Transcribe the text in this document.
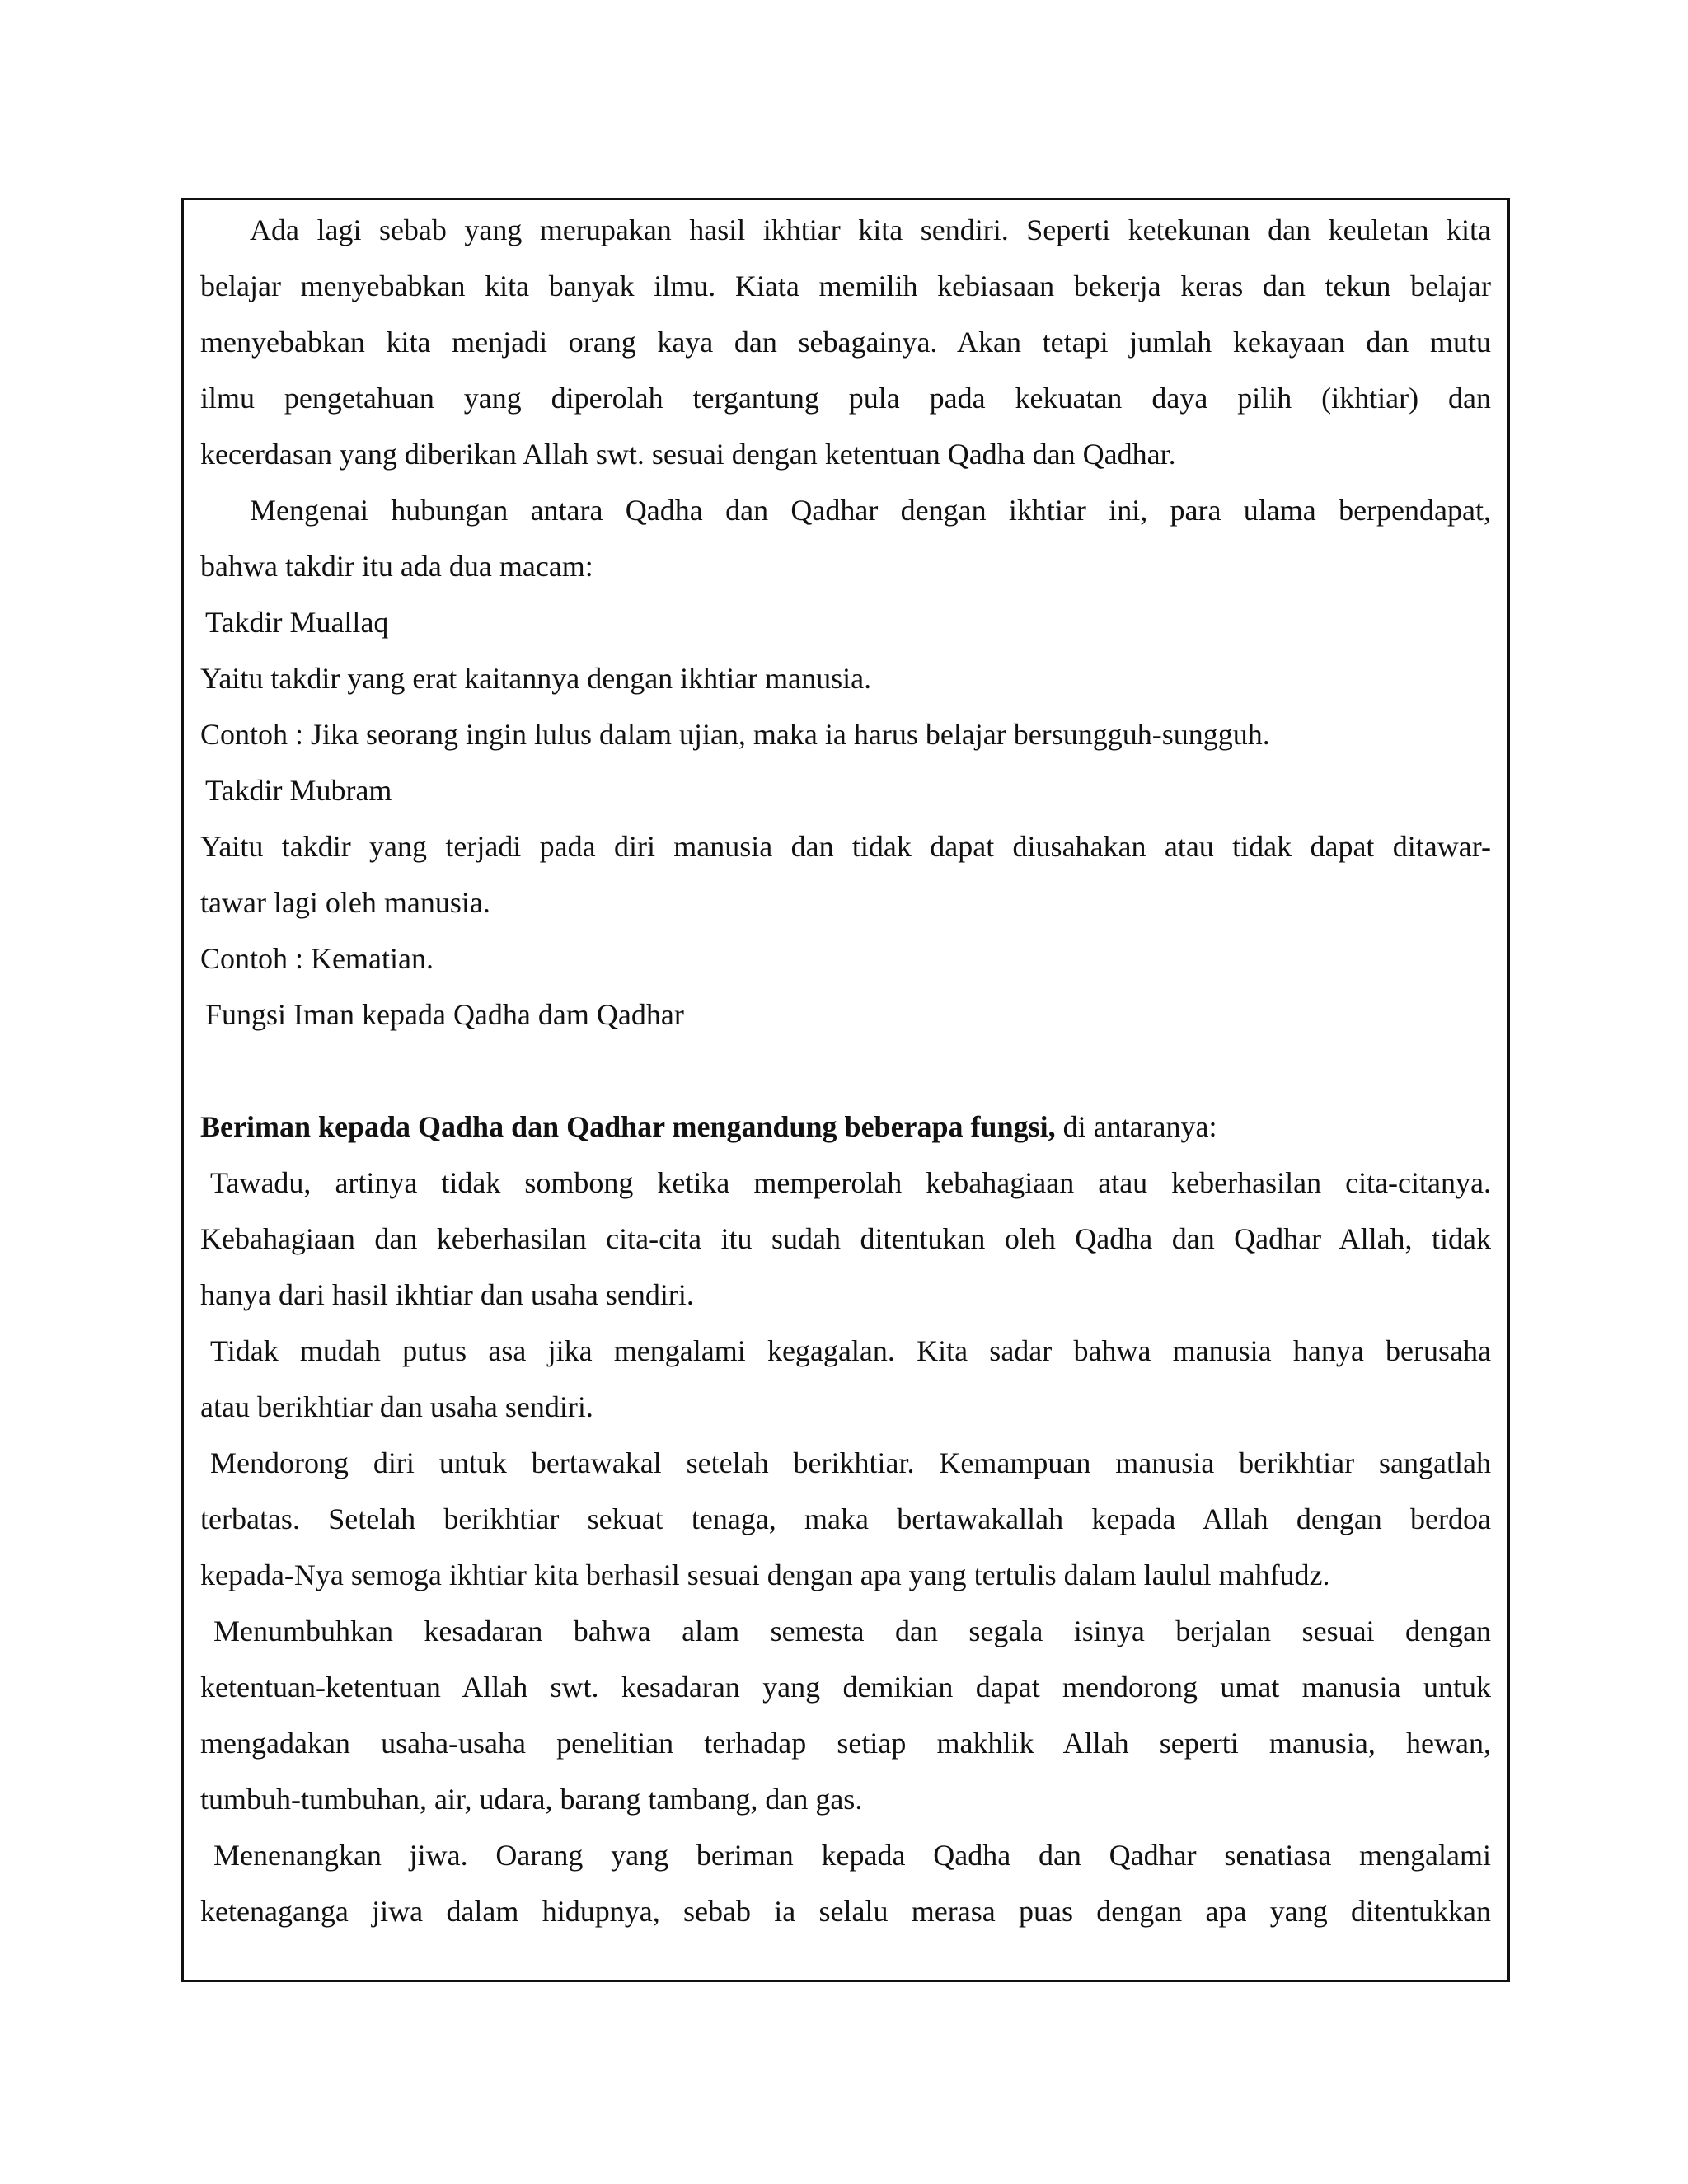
Ada lagi sebab yang merupakan hasil ikhtiar kita sendiri. Seperti ketekunan dan keuletan kita
belajar menyebabkan kita banyak ilmu. Kiata memilih kebiasaan bekerja keras dan tekun belajar
menyebabkan kita menjadi orang kaya dan sebagainya. Akan tetapi jumlah kekayaan dan mutu
ilmu pengetahuan yang diperolah tergantung pula pada kekuatan daya pilih (ikhtiar) dan
kecerdasan yang diberikan Allah swt. sesuai dengan ketentuan Qadha dan Qadhar.
Mengenai hubungan antara Qadha dan Qadhar dengan ikhtiar ini, para ulama berpendapat,
bahwa takdir itu ada dua macam:
Takdir Muallaq
Yaitu takdir yang erat kaitannya dengan ikhtiar manusia.
Contoh : Jika seorang ingin lulus dalam ujian, maka ia harus belajar bersungguh-sungguh.
Takdir Mubram
Yaitu takdir yang terjadi pada diri manusia dan tidak dapat diusahakan atau tidak dapat ditawar-
tawar lagi oleh manusia.
Contoh : Kematian.
Fungsi Iman kepada Qadha dam Qadhar
Beriman kepada Qadha dan Qadhar mengandung beberapa fungsi, di antaranya:
Tawadu, artinya tidak sombong ketika memperolah kebahagiaan atau keberhasilan cita-citanya.
Kebahagiaan dan keberhasilan cita-cita itu sudah ditentukan oleh Qadha dan Qadhar Allah, tidak
hanya dari hasil ikhtiar dan usaha sendiri.
Tidak mudah putus asa jika mengalami kegagalan. Kita sadar bahwa manusia hanya berusaha
atau berikhtiar dan usaha sendiri.
Mendorong diri untuk bertawakal setelah berikhtiar. Kemampuan manusia berikhtiar sangatlah
terbatas. Setelah berikhtiar sekuat tenaga, maka bertawakallah kepada Allah dengan berdoa
kepada-Nya semoga ikhtiar kita berhasil sesuai dengan apa yang tertulis dalam laulul mahfudz.
Menumbuhkan kesadaran bahwa alam semesta dan segala isinya berjalan sesuai dengan
ketentuan-ketentuan Allah swt. kesadaran yang demikian dapat mendorong umat manusia untuk
mengadakan usaha-usaha penelitian terhadap setiap makhlik Allah seperti manusia, hewan,
tumbuh-tumbuhan, air, udara, barang tambang, dan gas.
Menenangkan jiwa. Oarang yang beriman kepada Qadha dan Qadhar senatiasa mengalami
ketenaganga jiwa dalam hidupnya, sebab ia selalu merasa puas dengan apa yang ditentukkan
